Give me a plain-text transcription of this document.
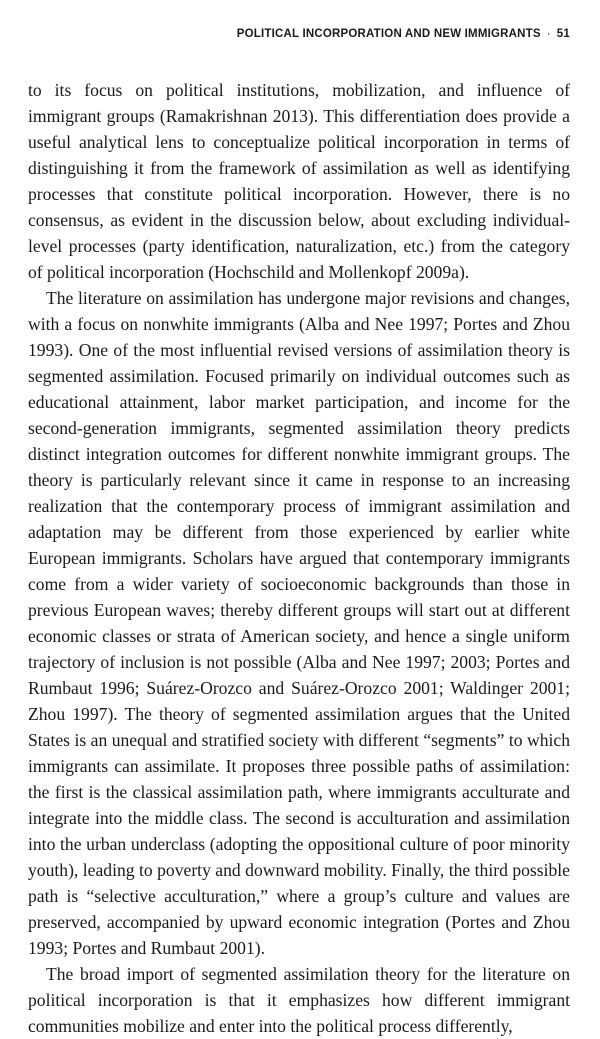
POLITICAL INCORPORATION AND NEW IMMIGRANTS · 51

to its focus on political institutions, mobilization, and influence of immigrant groups (Ramakrishnan 2013). This differentiation does provide a useful analytical lens to conceptualize political incorporation in terms of distinguishing it from the framework of assimilation as well as identifying processes that constitute political incorporation. However, there is no consensus, as evident in the discussion below, about excluding individual-level processes (party identification, naturalization, etc.) from the category of political incorporation (Hochschild and Mollenkopf 2009a).

The literature on assimilation has undergone major revisions and changes, with a focus on nonwhite immigrants (Alba and Nee 1997; Portes and Zhou 1993). One of the most influential revised versions of assimilation theory is segmented assimilation. Focused primarily on individual outcomes such as educational attainment, labor market participation, and income for the second-generation immigrants, segmented assimilation theory predicts distinct integration outcomes for different nonwhite immigrant groups. The theory is particularly relevant since it came in response to an increasing realization that the contemporary process of immigrant assimilation and adaptation may be different from those experienced by earlier white European immigrants. Scholars have argued that contemporary immigrants come from a wider variety of socioeconomic backgrounds than those in previous European waves; thereby different groups will start out at different economic classes or strata of American society, and hence a single uniform trajectory of inclusion is not possible (Alba and Nee 1997; 2003; Portes and Rumbaut 1996; Suárez-Orozco and Suárez-Orozco 2001; Waldinger 2001; Zhou 1997). The theory of segmented assimilation argues that the United States is an unequal and stratified society with different “segments” to which immigrants can assimilate. It proposes three possible paths of assimilation: the first is the classical assimilation path, where immigrants acculturate and integrate into the middle class. The second is acculturation and assimilation into the urban underclass (adopting the oppositional culture of poor minority youth), leading to poverty and downward mobility. Finally, the third possible path is “selective acculturation,” where a group’s culture and values are preserved, accompanied by upward economic integration (Portes and Zhou 1993; Portes and Rumbaut 2001).

The broad import of segmented assimilation theory for the literature on political incorporation is that it emphasizes how different immigrant communities mobilize and enter into the political process differently,
